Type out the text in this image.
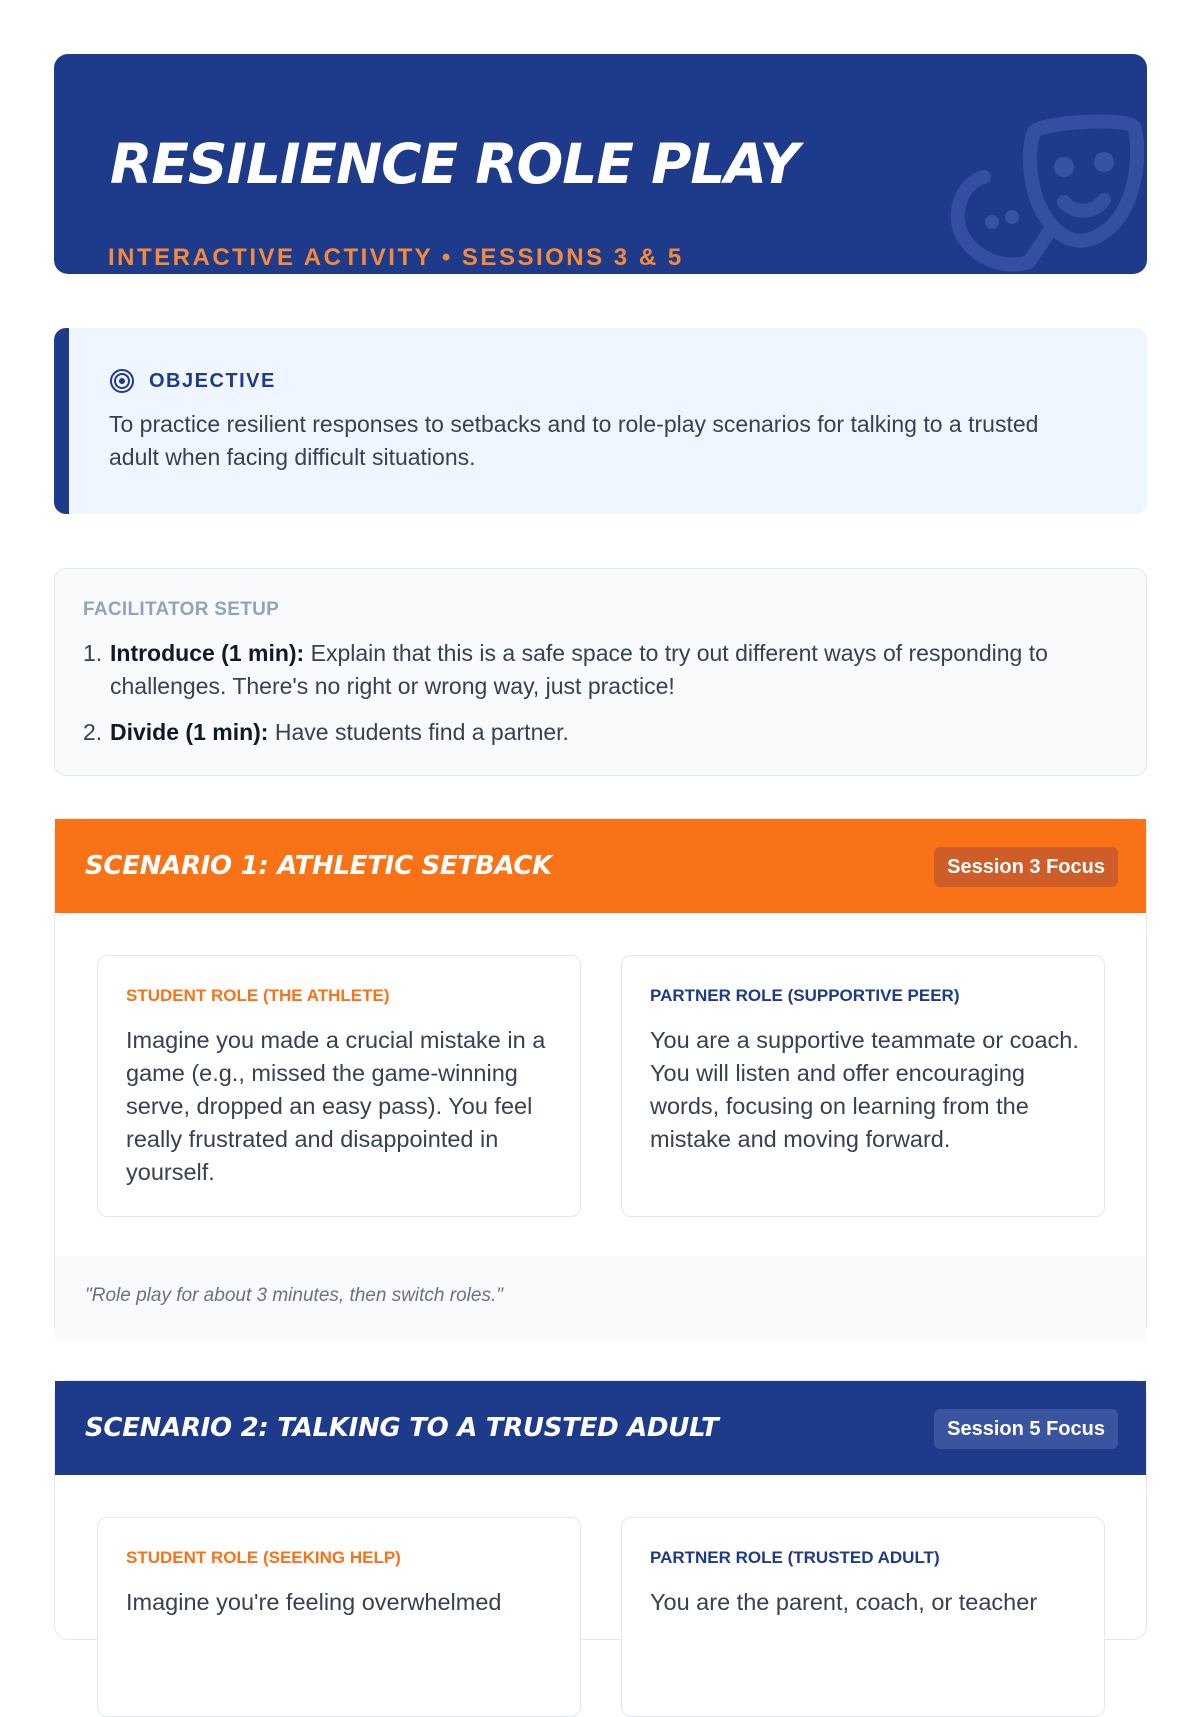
RESILIENCE ROLE PLAY
INTERACTIVE ACTIVITY • SESSIONS 3 & 5
OBJECTIVE
To practice resilient responses to setbacks and to role-play scenarios for talking to a trusted adult when facing difficult situations.
FACILITATOR SETUP
1. Introduce (1 min): Explain that this is a safe space to try out different ways of responding to challenges. There's no right or wrong way, just practice!
2. Divide (1 min): Have students find a partner.
SCENARIO 1: ATHLETIC SETBACK	Session 3 Focus
STUDENT ROLE (THE ATHLETE)
Imagine you made a crucial mistake in a game (e.g., missed the game-winning serve, dropped an easy pass). You feel really frustrated and disappointed in yourself.
PARTNER ROLE (SUPPORTIVE PEER)
You are a supportive teammate or coach. You will listen and offer encouraging words, focusing on learning from the mistake and moving forward.
"Role play for about 3 minutes, then switch roles."
SCENARIO 2: TALKING TO A TRUSTED ADULT	Session 5 Focus
STUDENT ROLE (SEEKING HELP)
Imagine you're feeling overwhelmed
PARTNER ROLE (TRUSTED ADULT)
You are the parent, coach, or teacher
